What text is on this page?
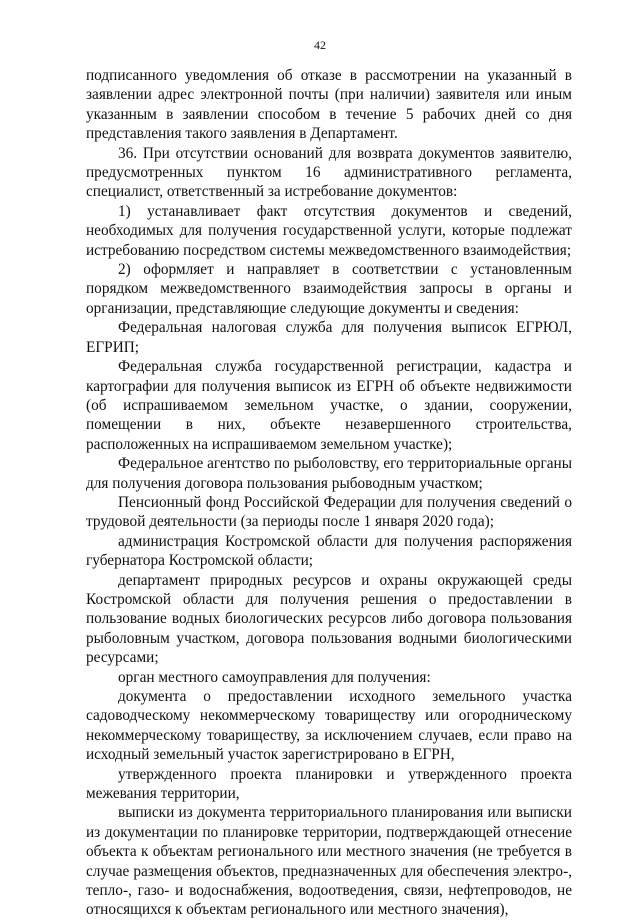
42

подписанного уведомления об отказе в рассмотрении на указанный в заявлении адрес электронной почты (при наличии) заявителя или иным указанным в заявлении способом в течение 5 рабочих дней со дня представления такого заявления в Департамент.

36. При отсутствии оснований для возврата документов заявителю, предусмотренных пунктом 16 административного регламента, специалист, ответственный за истребование документов:

1) устанавливает факт отсутствия документов и сведений, необходимых для получения государственной услуги, которые подлежат истребованию посредством системы межведомственного взаимодействия;

2) оформляет и направляет в соответствии с установленным порядком межведомственного взаимодействия запросы в органы и организации, представляющие следующие документы и сведения:

Федеральная налоговая служба для получения выписок ЕГРЮЛ, ЕГРИП;

Федеральная служба государственной регистрации, кадастра и картографии для получения выписок из ЕГРН об объекте недвижимости (об испрашиваемом земельном участке, о здании, сооружении, помещении в них, объекте незавершенного строительства, расположенных на испрашиваемом земельном участке);

Федеральное агентство по рыболовству, его территориальные органы для получения договора пользования рыбоводным участком;

Пенсионный фонд Российской Федерации для получения сведений о трудовой деятельности (за периоды после 1 января 2020 года);

администрация Костромской области для получения распоряжения губернатора Костромской области;

департамент природных ресурсов и охраны окружающей среды Костромской области для получения решения о предоставлении в пользование водных биологических ресурсов либо договора пользования рыболовным участком, договора пользования водными биологическими ресурсами;

орган местного самоуправления для получения:

документа о предоставлении исходного земельного участка садоводческому некоммерческому товариществу или огородническому некоммерческому товариществу, за исключением случаев, если право на исходный земельный участок зарегистрировано в ЕГРН,

утвержденного проекта планировки и утвержденного проекта межевания территории,

выписки из документа территориального планирования или выписки из документации по планировке территории, подтверждающей отнесение объекта к объектам регионального или местного значения (не требуется в случае размещения объектов, предназначенных для обеспечения электро-, тепло-, газо- и водоснабжения, водоотведения, связи, нефтепроводов, не относящихся к объектам регионального или местного значения),
